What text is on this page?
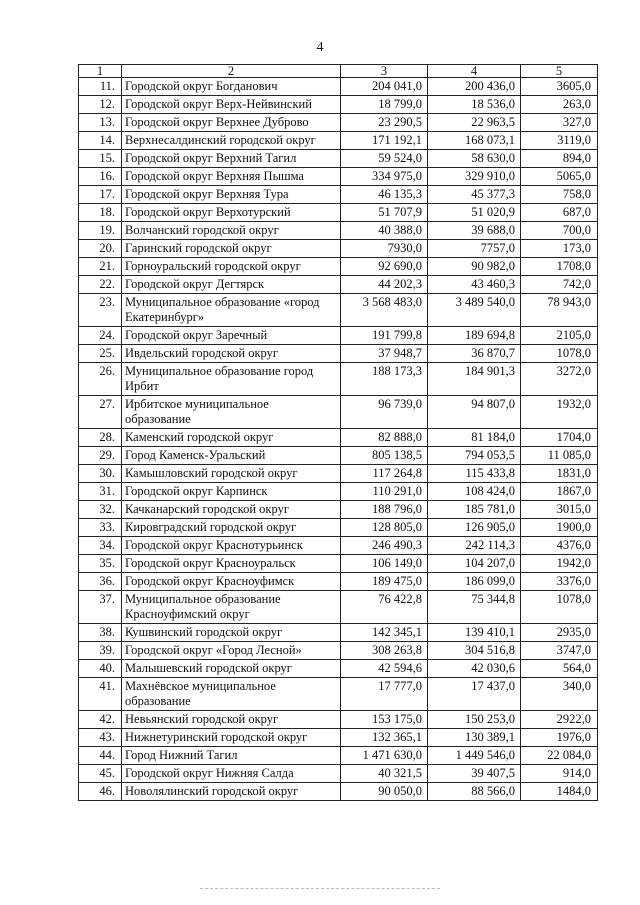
4
1	2	3	4	5
11.	Городской округ Богданович	204 041,0	200 436,0	3605,0
12.	Городской округ Верх-Нейвинский	18 799,0	18 536,0	263,0
13.	Городской округ Верхнее Дуброво	23 290,5	22 963,5	327,0
14.	Верхнесалдинский городской округ	171 192,1	168 073,1	3119,0
15.	Городской округ Верхний Тагил	59 524,0	58 630,0	894,0
16.	Городской округ Верхняя Пышма	334 975,0	329 910,0	5065,0
17.	Городской округ Верхняя Тура	46 135,3	45 377,3	758,0
18.	Городской округ Верхотурский	51 707,9	51 020,9	687,0
19.	Волчанский городской округ	40 388,0	39 688,0	700,0
20.	Гаринский городской округ	7930,0	7757,0	173,0
21.	Горноуральский городской округ	92 690,0	90 982,0	1708,0
22.	Городской округ Дегтярск	44 202,3	43 460,3	742,0
23.	Муниципальное образование «город Екатеринбург»	3 568 483,0	3 489 540,0	78 943,0
24.	Городской округ Заречный	191 799,8	189 694,8	2105,0
25.	Ивдельский городской округ	37 948,7	36 870,7	1078,0
26.	Муниципальное образование город Ирбит	188 173,3	184 901,3	3272,0
27.	Ирбитское муниципальное образование	96 739,0	94 807,0	1932,0
28.	Каменский городской округ	82 888,0	81 184,0	1704,0
29.	Город Каменск-Уральский	805 138,5	794 053,5	11 085,0
30.	Камышловский городской округ	117 264,8	115 433,8	1831,0
31.	Городской округ Карпинск	110 291,0	108 424,0	1867,0
32.	Качканарский городской округ	188 796,0	185 781,0	3015,0
33.	Кировградский городской округ	128 805,0	126 905,0	1900,0
34.	Городской округ Краснотурьинск	246 490,3	242 114,3	4376,0
35.	Городской округ Красноуральск	106 149,0	104 207,0	1942,0
36.	Городской округ Красноуфимск	189 475,0	186 099,0	3376,0
37.	Муниципальное образование Красноуфимский округ	76 422,8	75 344,8	1078,0
38.	Кушвинский городской округ	142 345,1	139 410,1	2935,0
39.	Городской округ «Город Лесной»	308 263,8	304 516,8	3747,0
40.	Малышевский городской округ	42 594,6	42 030,6	564,0
41.	Махнёвское муниципальное образование	17 777,0	17 437,0	340,0
42.	Невьянский городской округ	153 175,0	150 253,0	2922,0
43.	Нижнетуринский городской округ	132 365,1	130 389,1	1976,0
44.	Город Нижний Тагил	1 471 630,0	1 449 546,0	22 084,0
45.	Городской округ Нижняя Салда	40 321,5	39 407,5	914,0
46.	Новолялинский городской округ	90 050,0	88 566,0	1484,0
